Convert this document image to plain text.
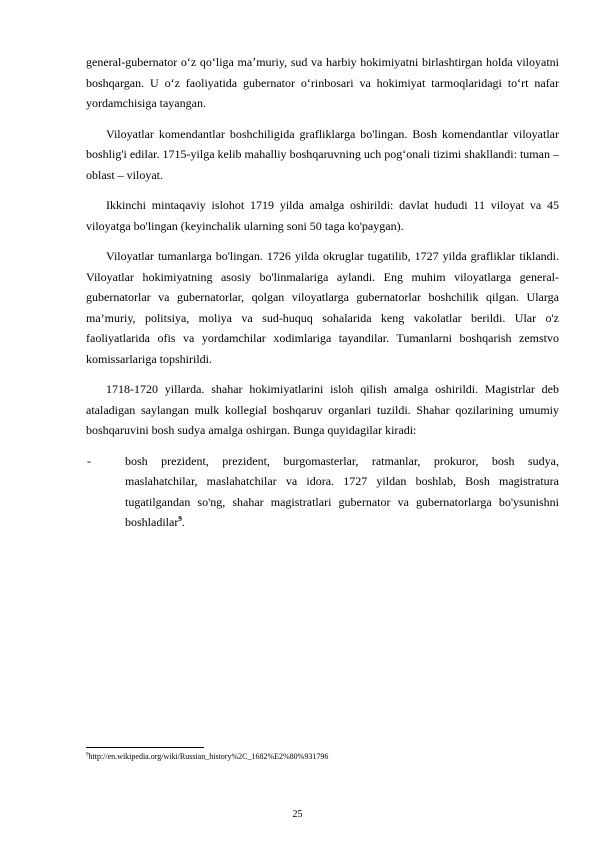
general-gubernator oʻz qoʻliga maʼmuriy, sud va harbiy hokimiyatni birlashtirgan holda viloyatni boshqargan. U oʻz faoliyatida gubernator oʻrinbosari va hokimiyat tarmoqlaridagi toʻrt nafar yordamchisiga tayangan.

Viloyatlar komendantlar boshchiligida grafliklarga bo'lingan. Bosh komendantlar viloyatlar boshlig'i edilar. 1715-yilga kelib mahalliy boshqaruvning uch pogʻonali tizimi shakllandi: tuman – oblast – viloyat.

Ikkinchi mintaqaviy islohot 1719 yilda amalga oshirildi: davlat hududi 11 viloyat va 45 viloyatga bo'lingan (keyinchalik ularning soni 50 taga ko'paygan).

Viloyatlar tumanlarga bo'lingan. 1726 yilda okruglar tugatilib, 1727 yilda grafliklar tiklandi. Viloyatlar hokimiyatning asosiy bo'linmalariga aylandi. Eng muhim viloyatlarga general-gubernatorlar va gubernatorlar, qolgan viloyatlarga gubernatorlar boshchilik qilgan. Ularga ma’muriy, politsiya, moliya va sud-huquq sohalarida keng vakolatlar berildi. Ular o'z faoliyatlarida ofis va yordamchilar xodimlariga tayandilar. Tumanlarni boshqarish zemstvo komissarlariga topshirildi.

1718-1720 yillarda. shahar hokimiyatlarini isloh qilish amalga oshirildi. Magistrlar deb ataladigan saylangan mulk kollegial boshqaruv organlari tuzildi. Shahar qozilarining umumiy boshqaruvini bosh sudya amalga oshirgan. Bunga quyidagilar kiradi:

-	bosh prezident, prezident, burgomasterlar, ratmanlar, prokuror, bosh sudya, maslahatchilar, maslahatchilar va idora. 1727 yildan boshlab, Bosh magistratura tugatilgandan so'ng, shahar magistratlari gubernator va gubernatorlarga bo'ysunishni boshladilar$^9$.

$^9$http://en.wikipedia.org/wiki/Russian_history%2C_1682%E2%80%931796
25
